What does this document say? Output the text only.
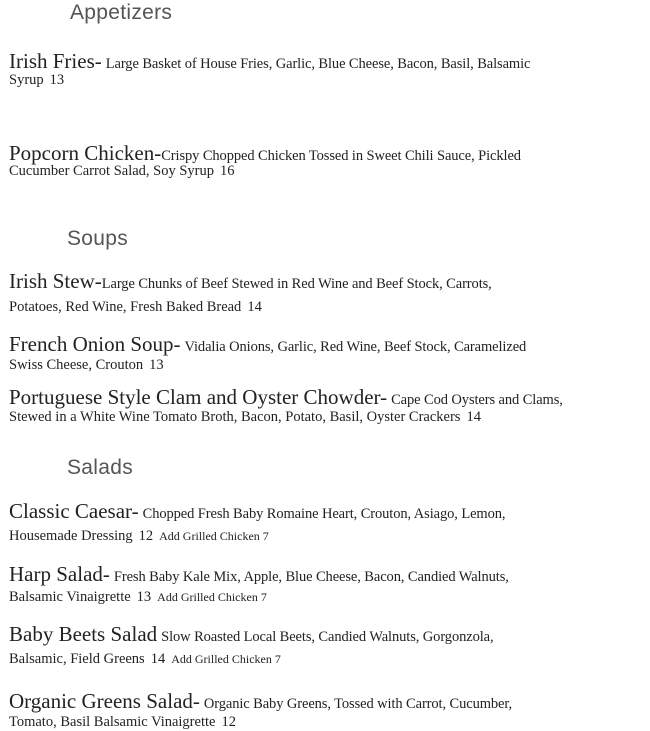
Appetizers
Soups
Salads
Irish Fries- Large Basket of House Fries, Garlic, Blue Cheese, Bacon, Basil, Balsamic
Syrup 13
Popcorn Chicken-Crispy Chopped Chicken Tossed in Sweet Chili Sauce, Pickled
Cucumber Carrot Salad, Soy Syrup 16
Irish Stew-Large Chunks of Beef Stewed in Red Wine and Beef Stock, Carrots,
Potatoes, Red Wine, Fresh Baked Bread 14
French Onion Soup- Vidalia Onions, Garlic, Red Wine, Beef Stock, Caramelized
Swiss Cheese, Crouton 13
Portuguese Style Clam and Oyster Chowder- Cape Cod Oysters and Clams,
Stewed in a White Wine Tomato Broth, Bacon, Potato, Basil, Oyster Crackers 14
Classic Caesar- Chopped Fresh Baby Romaine Heart, Crouton, Asiago, Lemon,
Housemade Dressing 12 Add Grilled Chicken 7
Harp Salad- Fresh Baby Kale Mix, Apple, Blue Cheese, Bacon, Candied Walnuts,
Balsamic Vinaigrette 13 Add Grilled Chicken 7
Baby Beets Salad Slow Roasted Local Beets, Candied Walnuts, Gorgonzola,
Balsamic, Field Greens 14 Add Grilled Chicken 7
Organic Greens Salad- Organic Baby Greens, Tossed with Carrot, Cucumber,
Tomato, Basil Balsamic Vinaigrette 12
